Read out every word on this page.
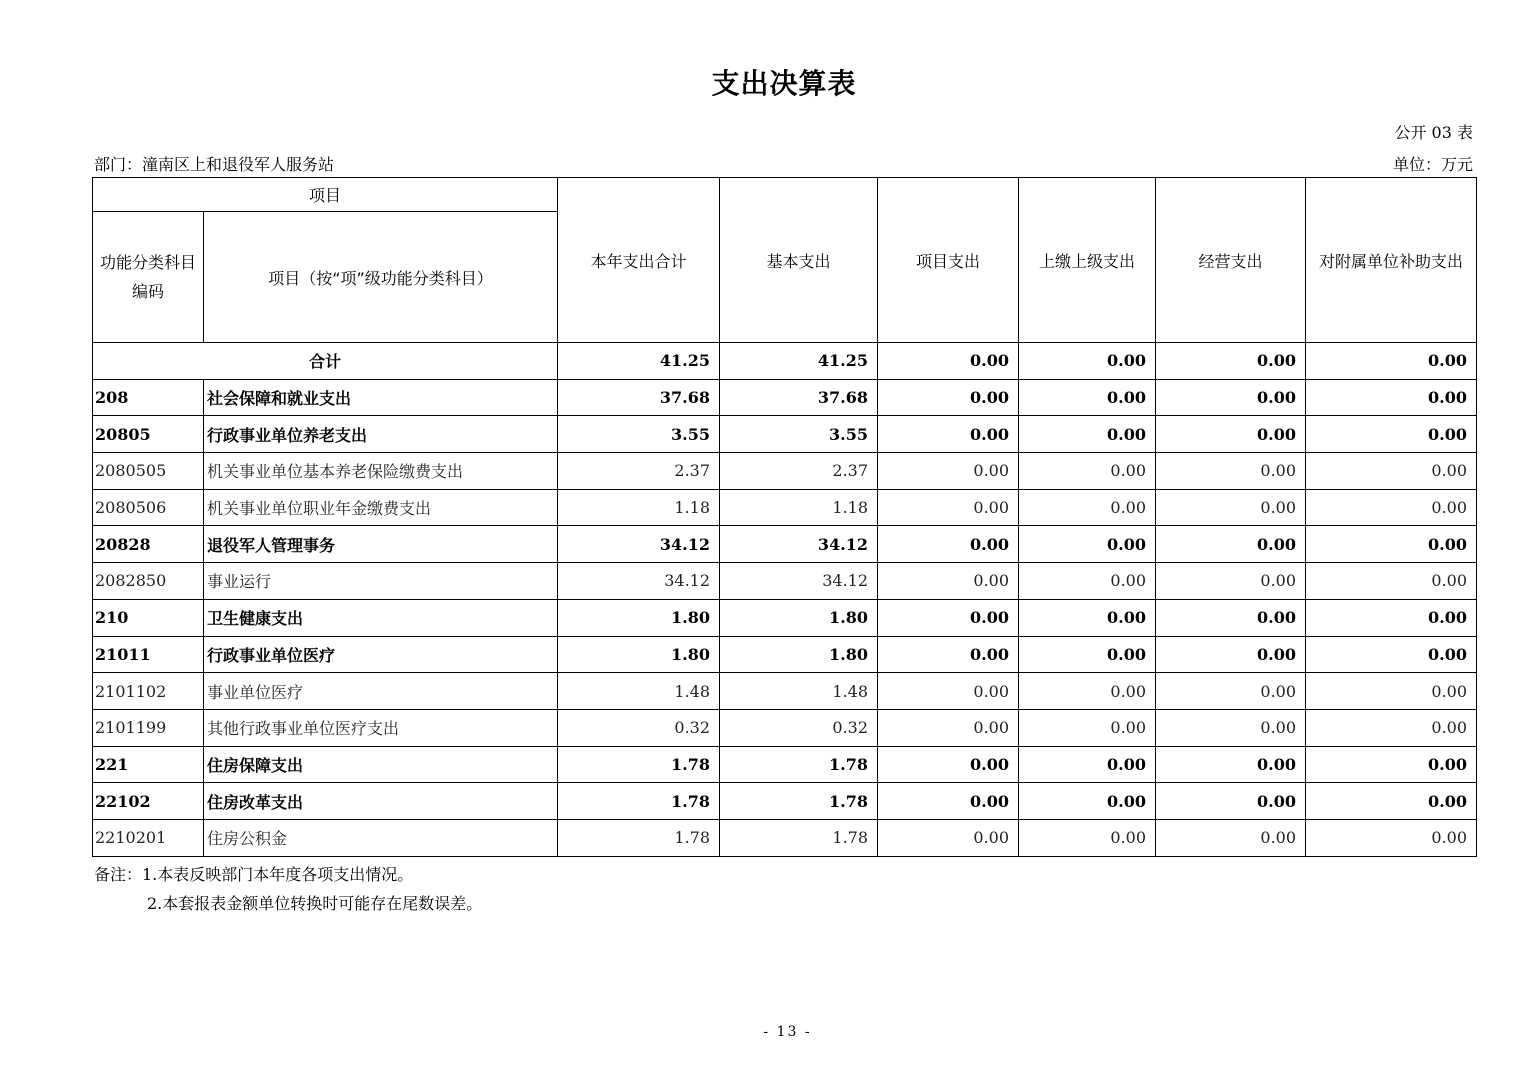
支出决算表
公开 03 表
部门：潼南区上和退役军人服务站	单位：万元
项目		本年支出合计	基本支出	项目支出	上缴上级支出	经营支出	对附属单位补助支出
功能分类科目编码	项目（按“项”级功能分类科目）						
合计		41.25	41.25	0.00	0.00	0.00	0.00
208	社会保障和就业支出	37.68	37.68	0.00	0.00	0.00	0.00
20805	行政事业单位养老支出	3.55	3.55	0.00	0.00	0.00	0.00
2080505	机关事业单位基本养老保险缴费支出	2.37	2.37	0.00	0.00	0.00	0.00
2080506	机关事业单位职业年金缴费支出	1.18	1.18	0.00	0.00	0.00	0.00
20828	退役军人管理事务	34.12	34.12	0.00	0.00	0.00	0.00
2082850	事业运行	34.12	34.12	0.00	0.00	0.00	0.00
210	卫生健康支出	1.80	1.80	0.00	0.00	0.00	0.00
21011	行政事业单位医疗	1.80	1.80	0.00	0.00	0.00	0.00
2101102	事业单位医疗	1.48	1.48	0.00	0.00	0.00	0.00
2101199	其他行政事业单位医疗支出	0.32	0.32	0.00	0.00	0.00	0.00
221	住房保障支出	1.78	1.78	0.00	0.00	0.00	0.00
22102	住房改革支出	1.78	1.78	0.00	0.00	0.00	0.00
2210201	住房公积金	1.78	1.78	0.00	0.00	0.00	0.00
备注：1.本表反映部门本年度各项支出情况。
2.本套报表金额单位转换时可能存在尾数误差。
- 13 -
